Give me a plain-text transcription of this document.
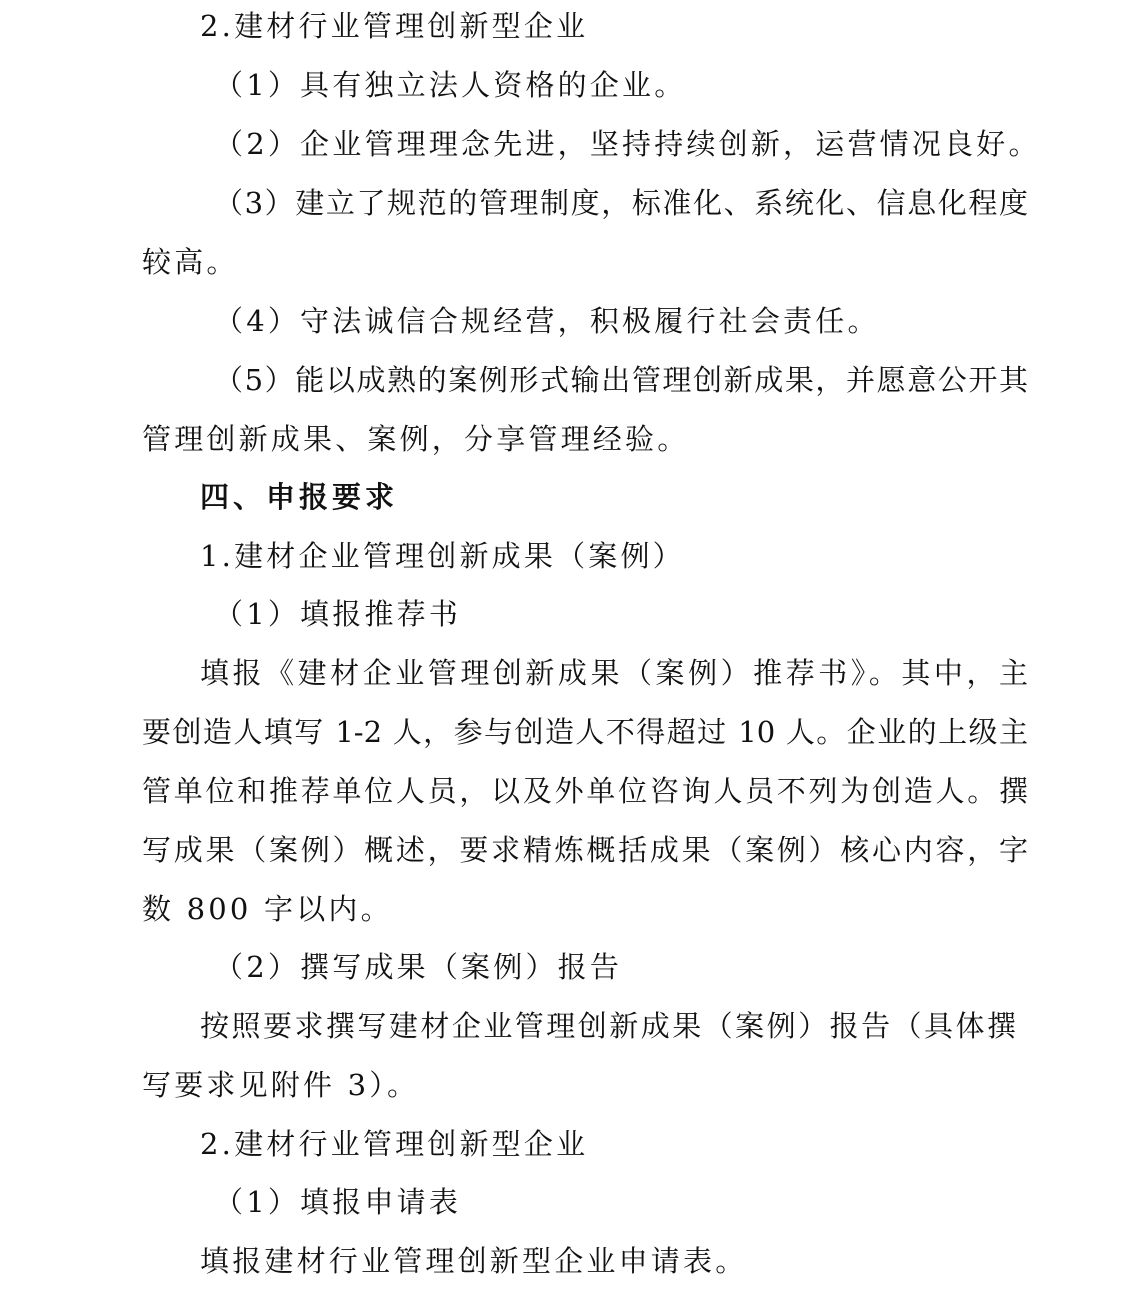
2.建材行业管理创新型企业
（1）具有独立法人资格的企业。
（2）企业管理理念先进，坚持持续创新，运营情况良好。
（3）建立了规范的管理制度，标准化、系统化、信息化程度
较高。
（4）守法诚信合规经营，积极履行社会责任。
（5）能以成熟的案例形式输出管理创新成果，并愿意公开其
管理创新成果、案例，分享管理经验。
四、申报要求
1.建材企业管理创新成果（案例）
（1）填报推荐书
填报《建材企业管理创新成果（案例）推荐书》。其中，主
要创造人填写 1-2 人，参与创造人不得超过 10 人。企业的上级主
管单位和推荐单位人员，以及外单位咨询人员不列为创造人。撰
写成果（案例）概述，要求精炼概括成果（案例）核心内容，字
数 800 字以内。
（2）撰写成果（案例）报告
按照要求撰写建材企业管理创新成果（案例）报告（具体撰
写要求见附件 3）。
2.建材行业管理创新型企业
（1）填报申请表
填报建材行业管理创新型企业申请表。
